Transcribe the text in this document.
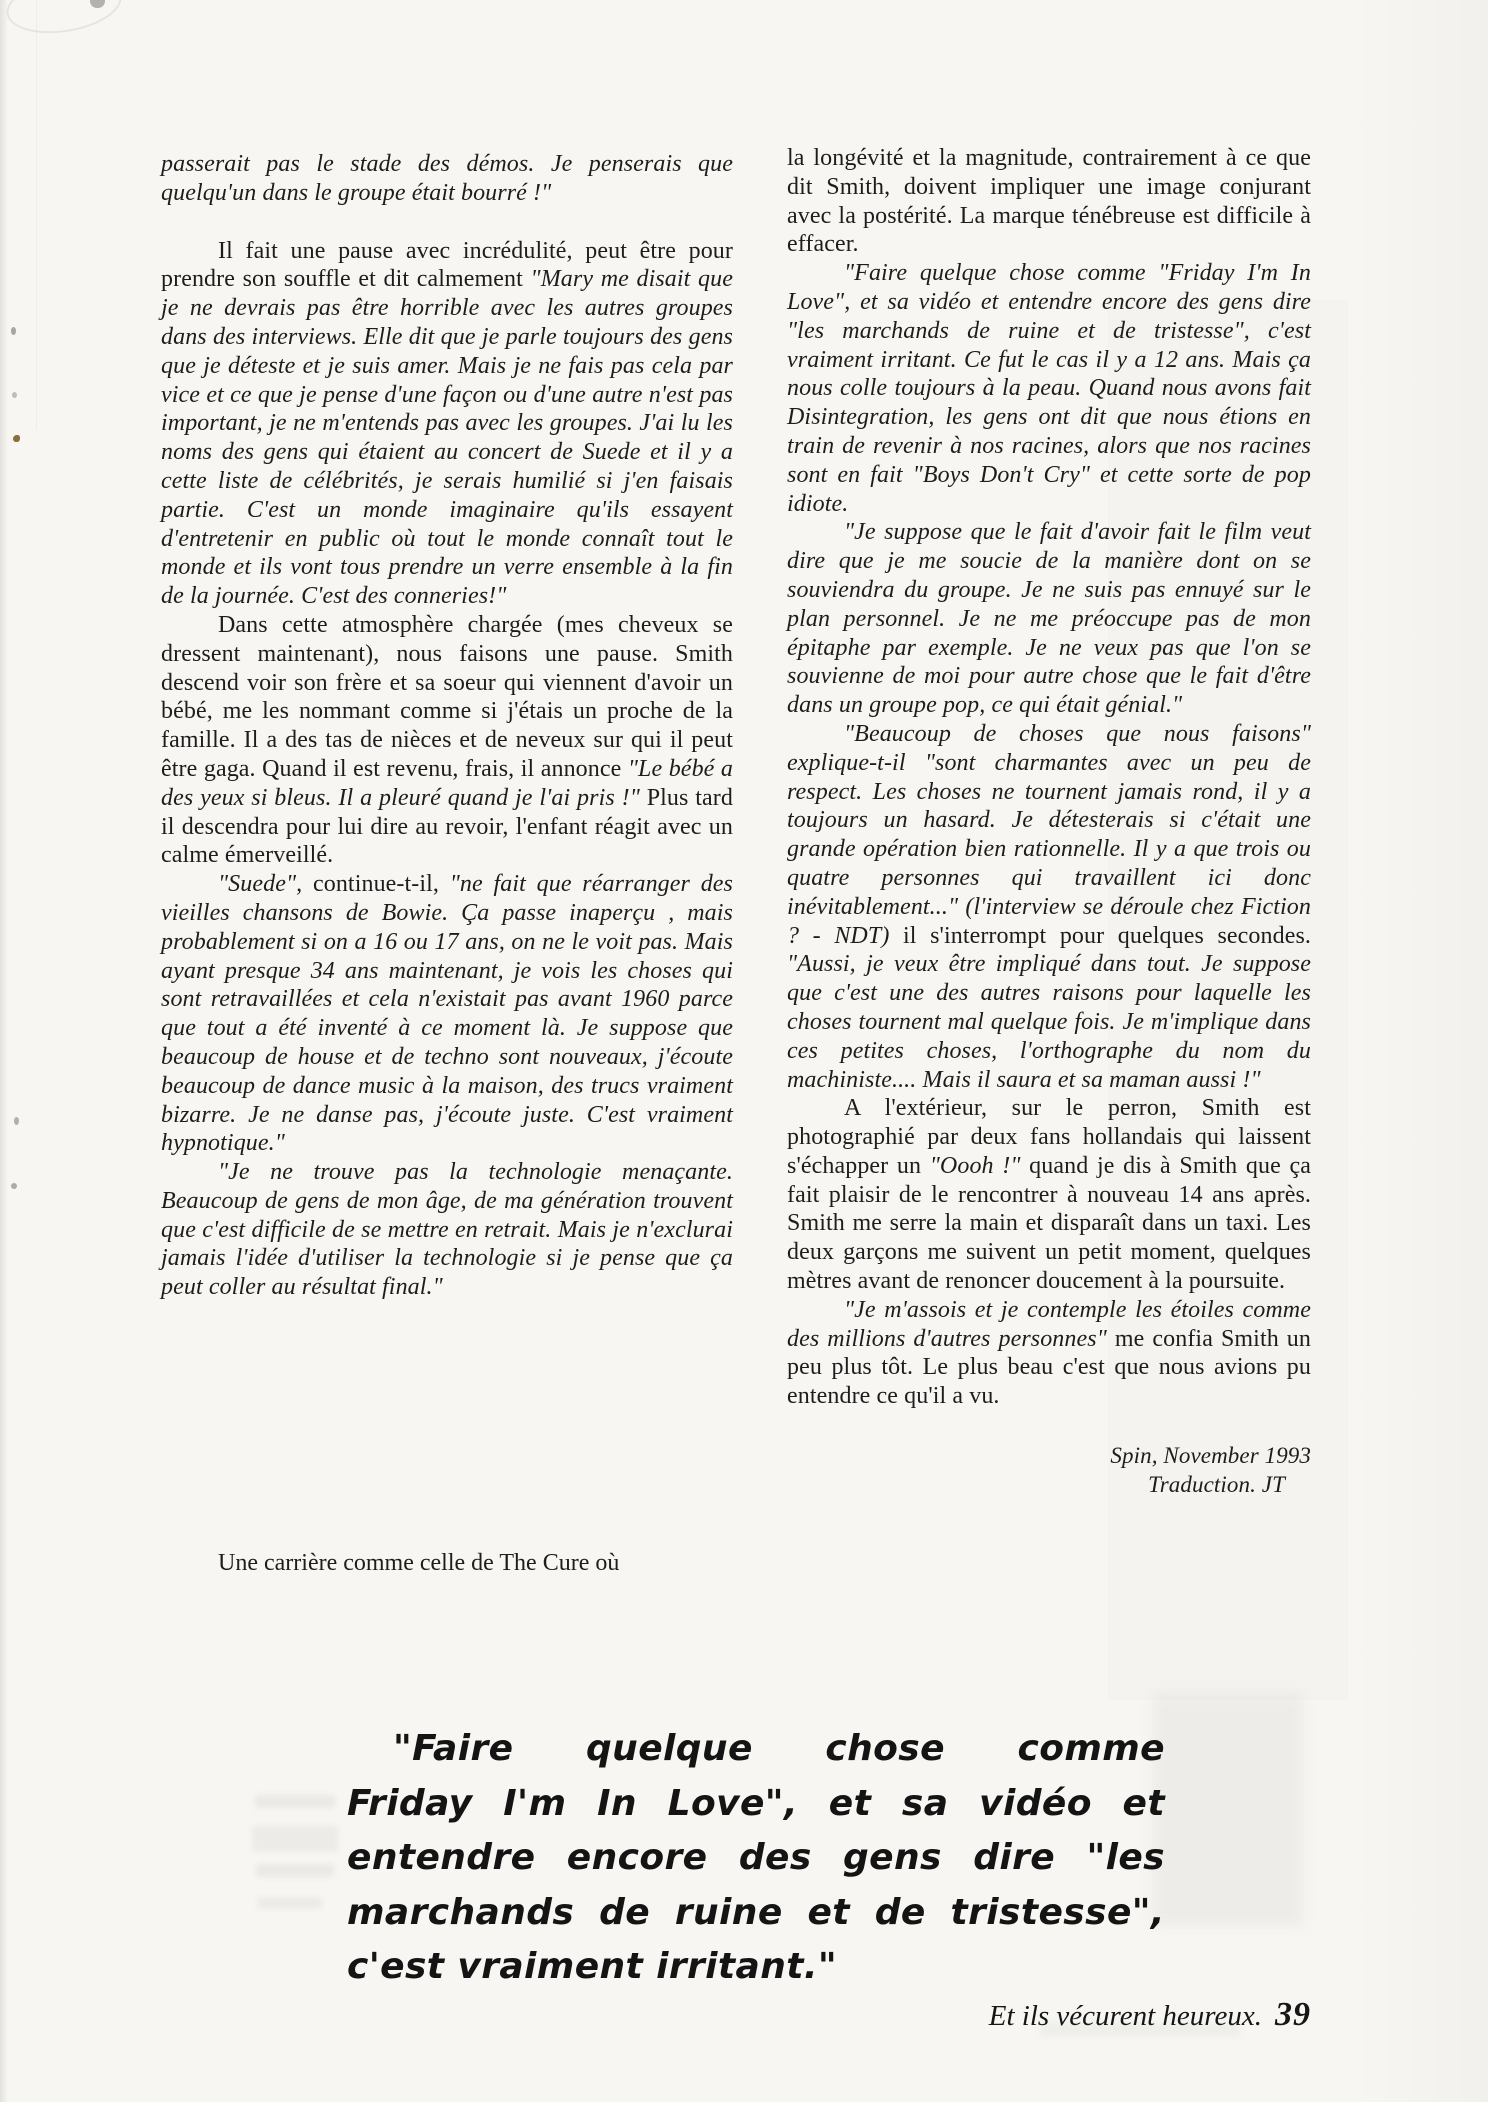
passerait pas le stade des démos. Je penserais que quelqu'un dans le groupe était bourré !"

Il fait une pause avec incrédulité, peut être pour prendre son souffle et dit calmement "Mary me disait que je ne devrais pas être horrible avec les autres groupes dans des interviews. Elle dit que je parle toujours des gens que je déteste et je suis amer. Mais je ne fais pas cela par vice et ce que je pense d'une façon ou d'une autre n'est pas important, je ne m'entends pas avec les groupes. J'ai lu les noms des gens qui étaient au concert de Suede et il y a cette liste de célébrités, je serais humilié si j'en faisais partie. C'est un monde imaginaire qu'ils essayent d'entretenir en public où tout le monde connaît tout le monde et ils vont tous prendre un verre ensemble à la fin de la journée. C'est des conneries!"

Dans cette atmosphère chargée (mes cheveux se dressent maintenant), nous faisons une pause. Smith descend voir son frère et sa soeur qui viennent d'avoir un bébé, me les nommant comme si j'étais un proche de la famille. Il a des tas de nièces et de neveux sur qui il peut être gaga. Quand il est revenu, frais, il annonce "Le bébé a des yeux si bleus. Il a pleuré quand je l'ai pris !" Plus tard il descendra pour lui dire au revoir, l'enfant réagit avec un calme émerveillé.

"Suede", continue-t-il, "ne fait que réarranger des vieilles chansons de Bowie. Ça passe inaperçu , mais probablement si on a 16 ou 17 ans, on ne le voit pas. Mais ayant presque 34 ans maintenant, je vois les choses qui sont retravaillées et cela n'existait pas avant 1960 parce que tout a été inventé à ce moment là. Je suppose que beaucoup de house et de techno sont nouveaux, j'écoute beaucoup de dance music à la maison, des trucs vraiment bizarre. Je ne danse pas, j'écoute juste. C'est vraiment hypnotique."

"Je ne trouve pas la technologie menaçante. Beaucoup de gens de mon âge, de ma génération trouvent que c'est difficile de se mettre en retrait. Mais je n'exclurai jamais l'idée d'utiliser la technologie si je pense que ça peut coller au résultat final."

Une carrière comme celle de The Cure où

la longévité et la magnitude, contrairement à ce que dit Smith, doivent impliquer une image conjurant avec la postérité. La marque ténébreuse est difficile à effacer.

"Faire quelque chose comme "Friday I'm In Love", et sa vidéo et entendre encore des gens dire "les marchands de ruine et de tristesse", c'est vraiment irritant. Ce fut le cas il y a 12 ans. Mais ça nous colle toujours à la peau. Quand nous avons fait Disintegration, les gens ont dit que nous étions en train de revenir à nos racines, alors que nos racines sont en fait "Boys Don't Cry" et cette sorte de pop idiote.

"Je suppose que le fait d'avoir fait le film veut dire que je me soucie de la manière dont on se souviendra du groupe. Je ne suis pas ennuyé sur le plan personnel. Je ne me préoccupe pas de mon épitaphe par exemple. Je ne veux pas que l'on se souvienne de moi pour autre chose que le fait d'être dans un groupe pop, ce qui était génial."

"Beaucoup de choses que nous faisons" explique-t-il "sont charmantes avec un peu de respect. Les choses ne tournent jamais rond, il y a toujours un hasard. Je détesterais si c'était une grande opération bien rationnelle. Il y a que trois ou quatre personnes qui travaillent ici donc inévitablement..." (l'interview se déroule chez Fiction ? - NDT) il s'interrompt pour quelques secondes. "Aussi, je veux être impliqué dans tout. Je suppose que c'est une des autres raisons pour laquelle les choses tournent mal quelque fois. Je m'implique dans ces petites choses, l'orthographe du nom du machiniste.... Mais il saura et sa maman aussi !"

A l'extérieur, sur le perron, Smith est photographié par deux fans hollandais qui laissent s'échapper un "Oooh !" quand je dis à Smith que ça fait plaisir de le rencontrer à nouveau 14 ans après. Smith me serre la main et disparaît dans un taxi. Les deux garçons me suivent un petit moment, quelques mètres avant de renoncer doucement à la poursuite.

"Je m'assois et je contemple les étoiles comme des millions d'autres personnes" me confia Smith un peu plus tôt. Le plus beau c'est que nous avions pu entendre ce qu'il a vu.

Spin, November 1993
Traduction. JT
"Faire quelque chose comme
Friday I'm In Love", et sa vidéo et
entendre encore des gens dire "les
marchands de ruine et de tristesse",
c'est vraiment irritant."
Et ils vécurent heureux. 39
